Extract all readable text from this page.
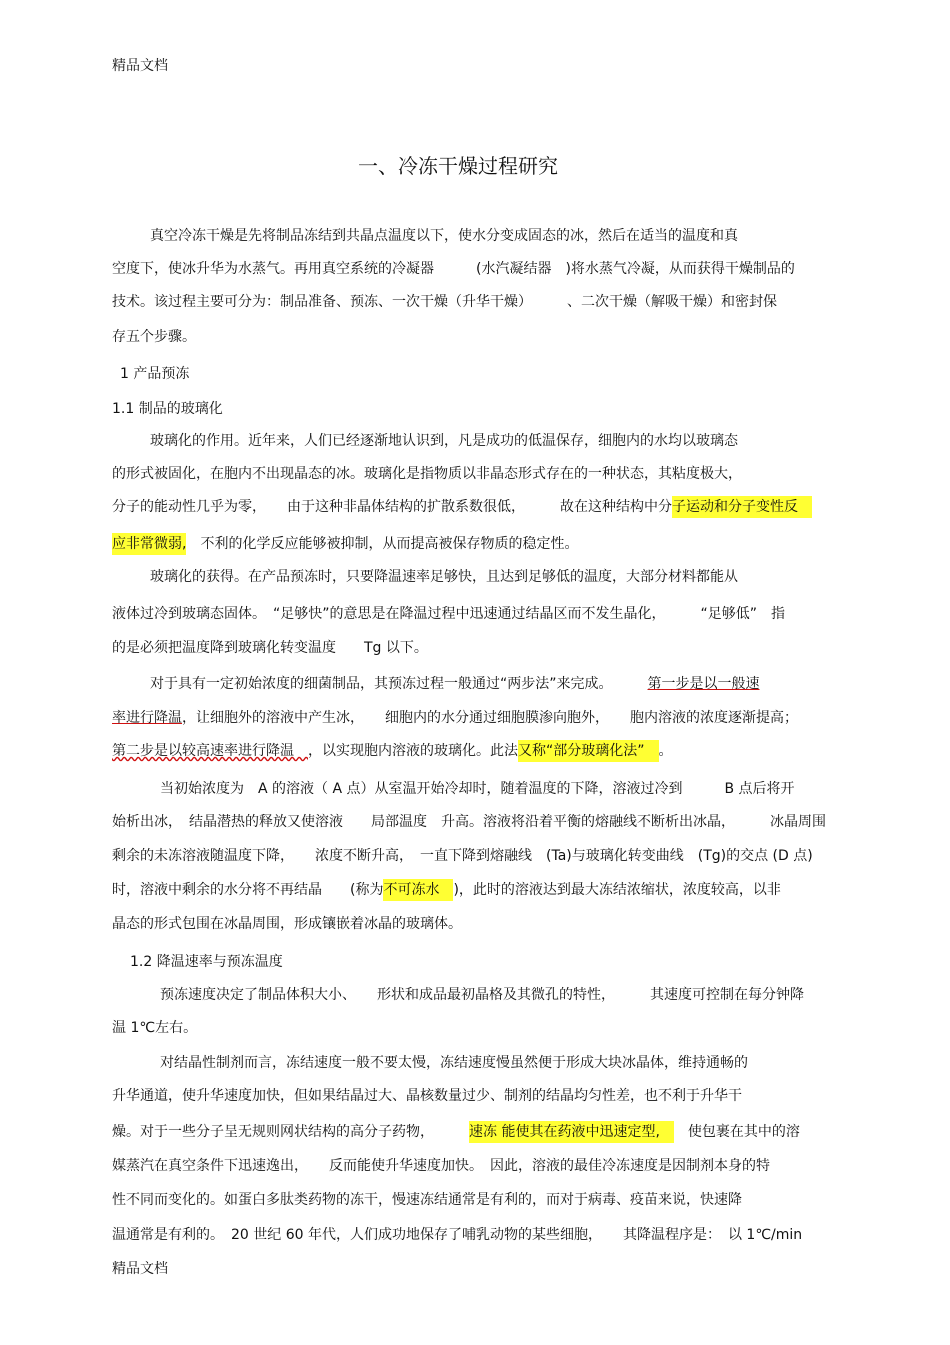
精品文档
一、冷冻干燥过程研究
真空冷冻干燥是先将制品冻结到共晶点温度以下，使水分变成固态的冰，然后在适当的温度和真
空度下，使冰升华为水蒸气。再用真空系统的冷凝器　　　(水汽凝结器　)将水蒸气冷凝，从而获得干燥制品的
技术。该过程主要可分为：制品准备、预冻、一次干燥（升华干燥）　　　、二次干燥（解吸干燥）和密封保
存五个步骤。
1 产品预冻
1.1 制品的玻璃化
玻璃化的作用。近年来，人们已经逐渐地认识到，凡是成功的低温保存，细胞内的水均以玻璃态
的形式被固化，在胞内不出现晶态的冰。玻璃化是指物质以非晶态形式存在的一种状态，其粘度极大，
玻璃化的获得。在产品预冻时，只要降温速率足够快，且达到足够低的温度，大部分材料都能从
液体过冷到玻璃态固体。　“足够快”的意思是在降温过程中迅速通过结晶区而不发生晶化，　　　“足够低”　指
的是必须把温度降到玻璃化转变温度　　Tg 以下。
当初始浓度为　A 的溶液（ A 点）从室温开始冷却时，随着温度的下降，溶液过冷到　　　B 点后将开
始析出冰，　结晶潜热的释放又使溶液　　局部温度　升高。溶液将沿着平衡的熔融线不断析出冰晶，　　　冰晶周围
剩余的未冻溶液随温度下降，　　浓度不断升高，　一直下降到熔融线　(Ta)与玻璃化转变曲线　(Tg)的交点 (D 点)
晶态的形式包围在冰晶周围，形成镶嵌着冰晶的玻璃体。
1.2 降温速率与预冻温度
预冻速度决定了制品体积大小、　　形状和成品最初晶格及其微孔的特性，　　　其速度可控制在每分钟降
温 1℃左右。
对结晶性制剂而言，冻结速度一般不要太慢，冻结速度慢虽然便于形成大块冰晶体，维持通畅的
升华通道，使升华速度加快，但如果结晶过大、晶核数量过少、制剂的结晶均匀性差，也不利于升华干
媒蒸汽在真空条件下迅速逸出，　　反而能使升华速度加快。　因此，溶液的最佳冷冻速度是因制剂本身的特
性不同而变化的。如蛋白多肽类药物的冻干，慢速冻结通常是有利的，而对于病毒、疫苗来说，快速降
温通常是有利的。　20 世纪 60 年代，人们成功地保存了哺乳动物的某些细胞，　　其降温程序是：　以 1℃/min
分子的能动性几乎为零，　　由于这种非晶体结构的扩散系数很低，　　　故在这种结构中分子运动和分子变性反
应非常微弱,　不利的化学反应能够被抑制，从而提高被保存物质的稳定性。
对于具有一定初始浓度的细菌制品，其预冻过程一般通过“两步法”来完成。　　　第一步是以一般速
率进行降温，让细胞外的溶液中产生冰，　　细胞内的水分通过细胞膜渗向胞外，　　胞内溶液的浓度逐渐提高；
第二步是以较高速率进行降温　，以实现胞内溶液的玻璃化。此法又称“部分玻璃化法”　。
时，溶液中剩余的水分将不再结晶　　(称为不可冻水　)，此时的溶液达到最大冻结浓缩状，浓度较高，以非
燥。对于一些分子呈无规则网状结构的高分子药物，　　　速冻 能使其在药液中迅速定型,　　使包裹在其中的溶
精品文档
